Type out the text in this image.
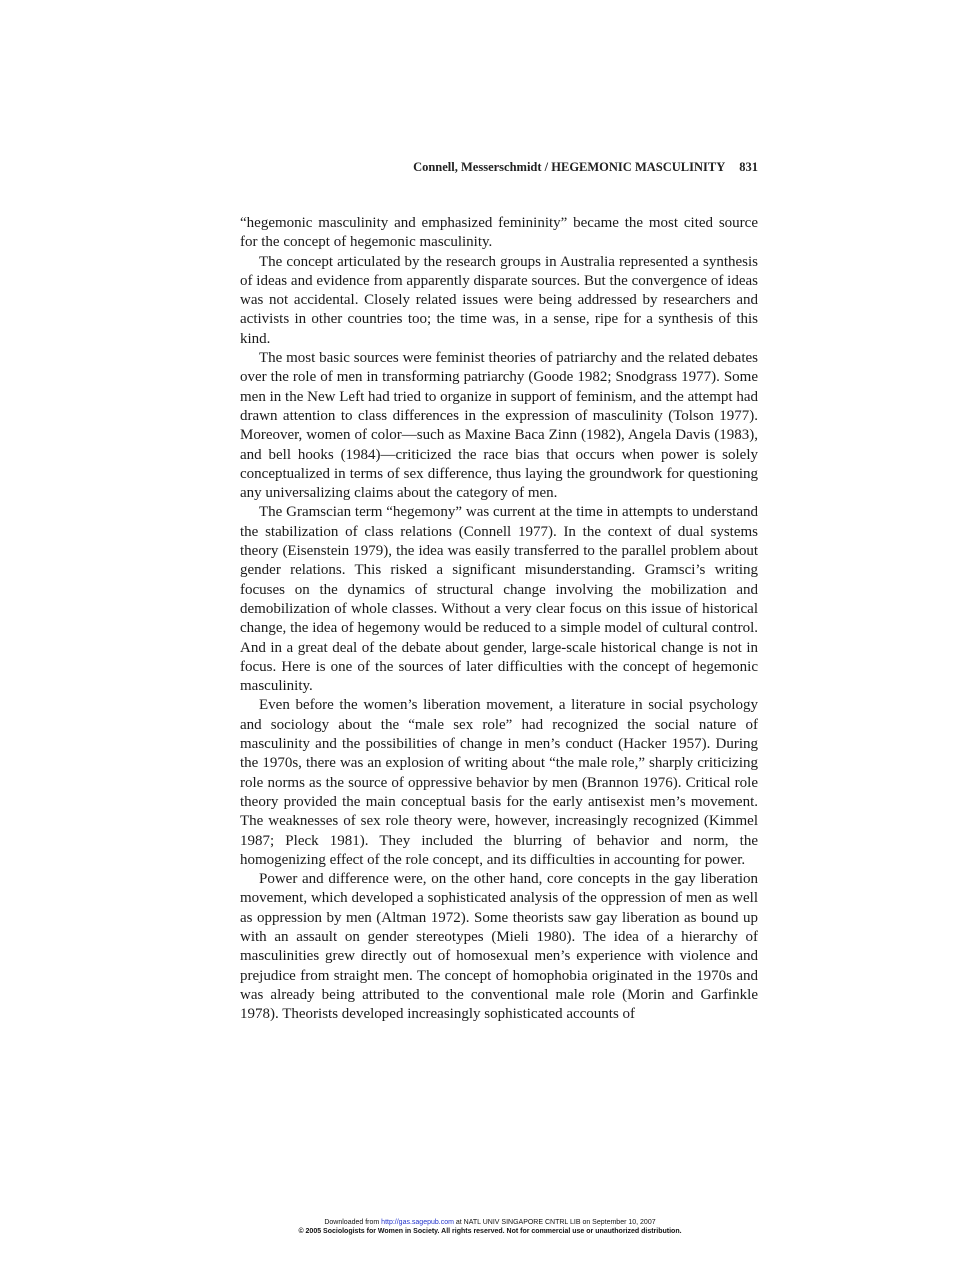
Connell, Messerschmidt / HEGEMONIC MASCULINITY 831

“hegemonic masculinity and emphasized femininity” became the most cited source for the concept of hegemonic masculinity.

The concept articulated by the research groups in Australia represented a synthesis of ideas and evidence from apparently disparate sources. But the convergence of ideas was not accidental. Closely related issues were being addressed by researchers and activists in other countries too; the time was, in a sense, ripe for a synthesis of this kind.

The most basic sources were feminist theories of patriarchy and the related debates over the role of men in transforming patriarchy (Goode 1982; Snodgrass 1977). Some men in the New Left had tried to organize in support of feminism, and the attempt had drawn attention to class differences in the expression of masculinity (Tolson 1977). Moreover, women of color—such as Maxine Baca Zinn (1982), Angela Davis (1983), and bell hooks (1984)—criticized the race bias that occurs when power is solely conceptualized in terms of sex difference, thus laying the groundwork for questioning any universalizing claims about the category of men.

The Gramscian term “hegemony” was current at the time in attempts to understand the stabilization of class relations (Connell 1977). In the context of dual systems theory (Eisenstein 1979), the idea was easily transferred to the parallel problem about gender relations. This risked a significant misunderstanding. Gramsci’s writing focuses on the dynamics of structural change involving the mobilization and demobilization of whole classes. Without a very clear focus on this issue of historical change, the idea of hegemony would be reduced to a simple model of cultural control. And in a great deal of the debate about gender, large-scale historical change is not in focus. Here is one of the sources of later difficulties with the concept of hegemonic masculinity.

Even before the women’s liberation movement, a literature in social psychology and sociology about the “male sex role” had recognized the social nature of masculinity and the possibilities of change in men’s conduct (Hacker 1957). During the 1970s, there was an explosion of writing about “the male role,” sharply criticizing role norms as the source of oppressive behavior by men (Brannon 1976). Critical role theory provided the main conceptual basis for the early antisexist men’s movement. The weaknesses of sex role theory were, however, increasingly recognized (Kimmel 1987; Pleck 1981). They included the blurring of behavior and norm, the homogenizing effect of the role concept, and its difficulties in accounting for power.

Power and difference were, on the other hand, core concepts in the gay liberation movement, which developed a sophisticated analysis of the oppression of men as well as oppression by men (Altman 1972). Some theorists saw gay liberation as bound up with an assault on gender stereotypes (Mieli 1980). The idea of a hierarchy of masculinities grew directly out of homosexual men’s experience with violence and prejudice from straight men. The concept of homophobia originated in the 1970s and was already being attributed to the conventional male role (Morin and Garfinkle 1978). Theorists developed increasingly sophisticated accounts of

Downloaded from http://gas.sagepub.com at NATL UNIV SINGAPORE CNTRL LIB on September 10, 2007
© 2005 Sociologists for Women in Society. All rights reserved. Not for commercial use or unauthorized distribution.
